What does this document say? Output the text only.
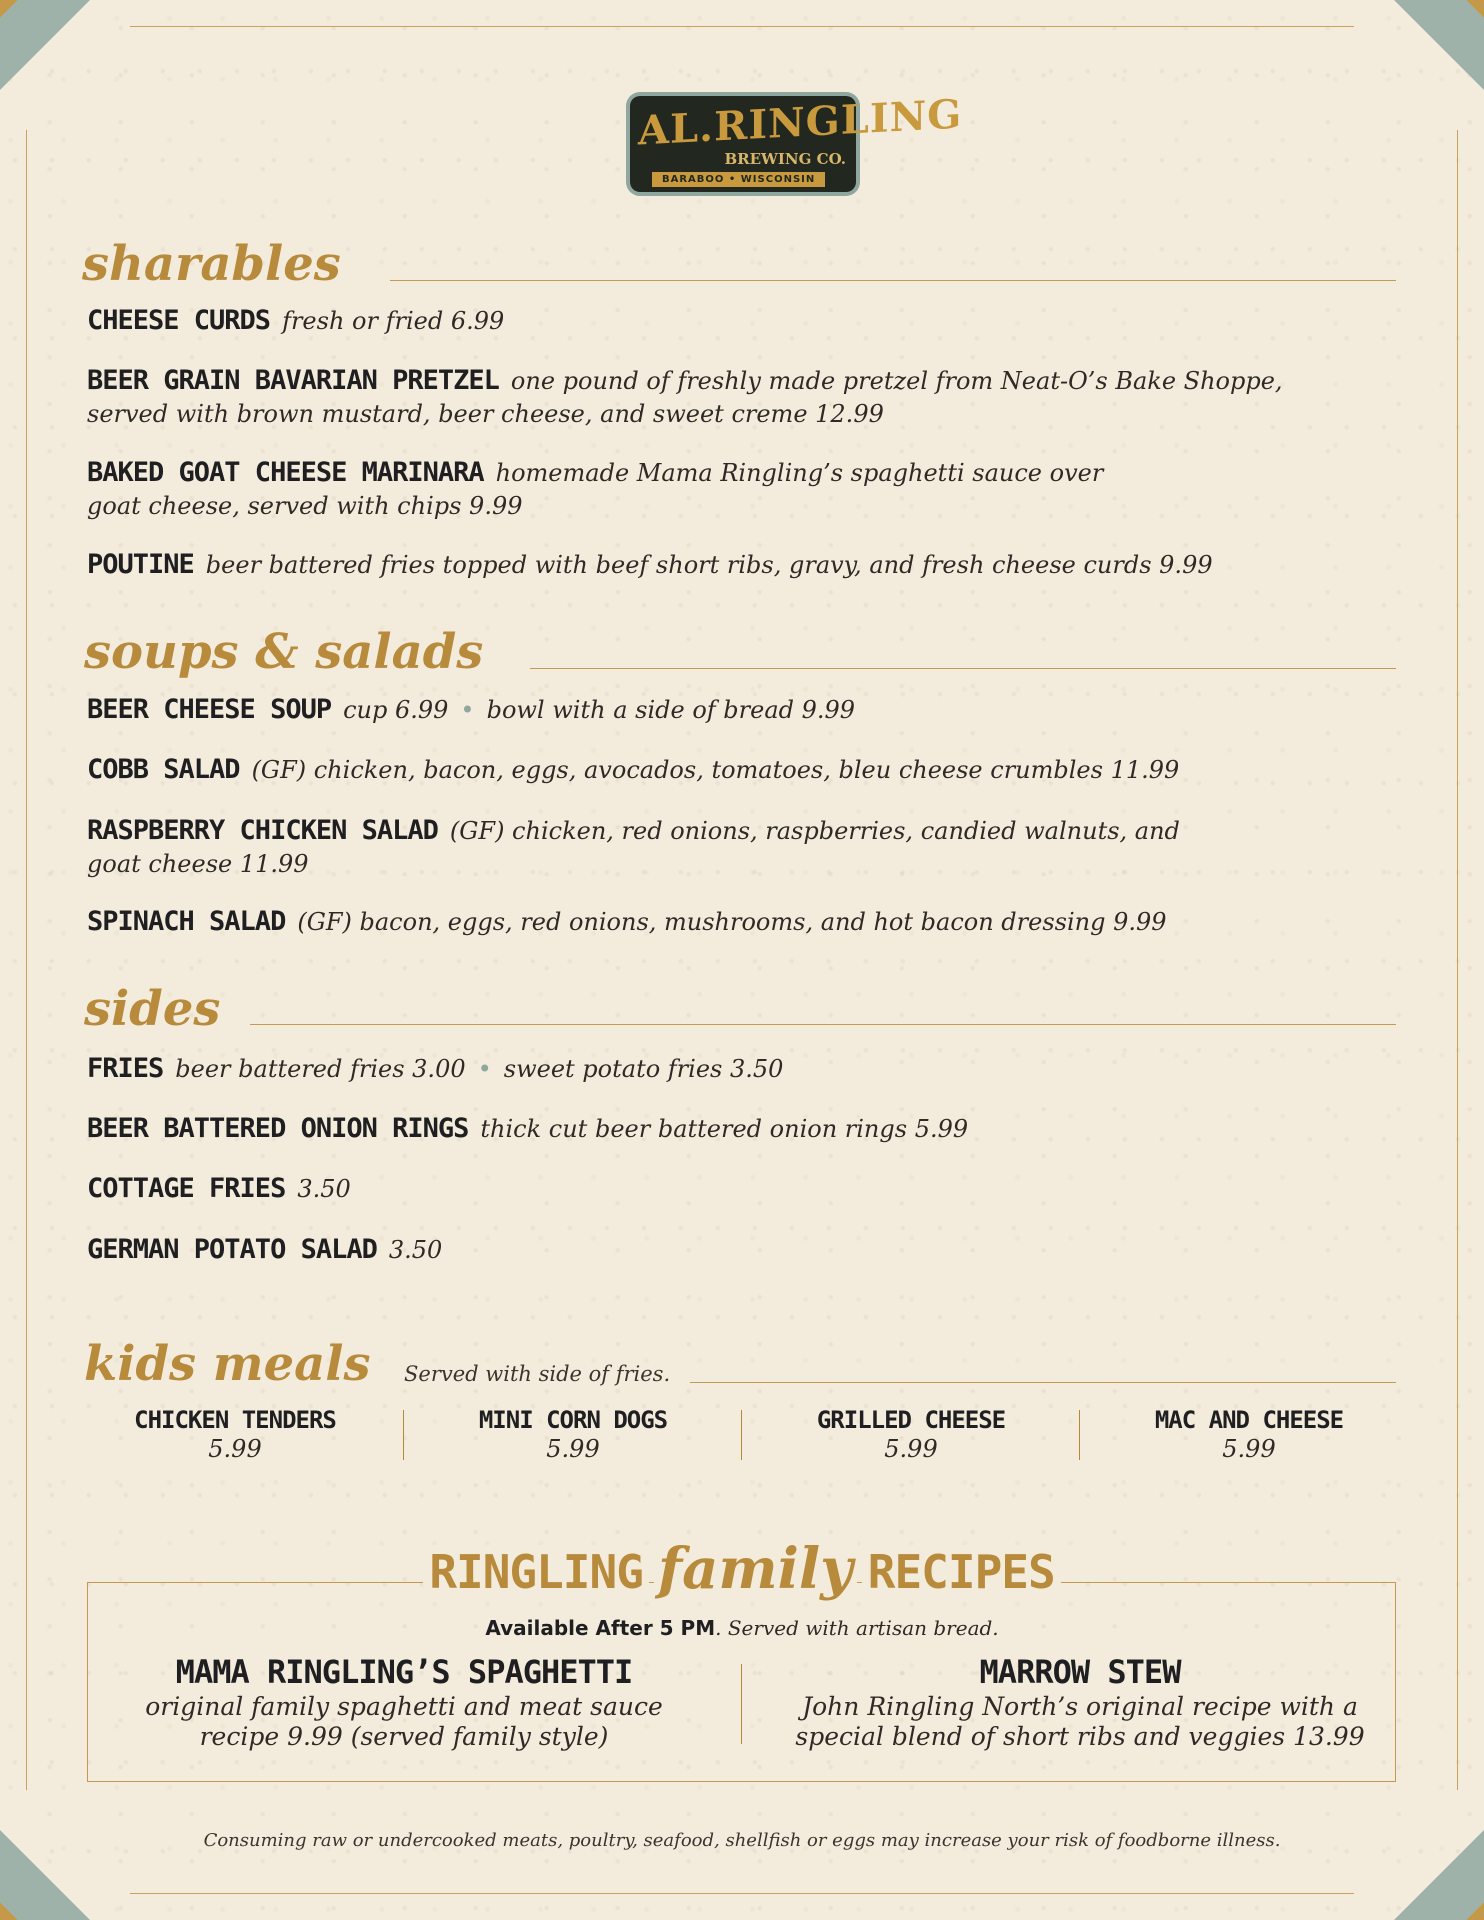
AL.RINGLING
BREWING CO.
BARABOO • WISCONSIN
sharables
CHEESE CURDS fresh or fried 6.99
BEER GRAIN BAVARIAN PRETZEL one pound of freshly made pretzel from Neat-O’s Bake Shoppe,
served with brown mustard, beer cheese, and sweet creme 12.99
BAKED GOAT CHEESE MARINARA homemade Mama Ringling’s spaghetti sauce over
goat cheese, served with chips 9.99
POUTINE beer battered fries topped with beef short ribs, gravy, and fresh cheese curds 9.99
soups & salads
BEER CHEESE SOUP cup 6.99 • bowl with a side of bread 9.99
COBB SALAD (GF) chicken, bacon, eggs, avocados, tomatoes, bleu cheese crumbles 11.99
RASPBERRY CHICKEN SALAD (GF) chicken, red onions, raspberries, candied walnuts, and
goat cheese 11.99
SPINACH SALAD (GF) bacon, eggs, red onions, mushrooms, and hot bacon dressing 9.99
sides
FRIES beer battered fries 3.00 • sweet potato fries 3.50
BEER BATTERED ONION RINGS thick cut beer battered onion rings 5.99
COTTAGE FRIES 3.50
GERMAN POTATO SALAD 3.50
kids meals Served with side of fries.
CHICKEN TENDERS
5.99
MINI CORN DOGS
5.99
GRILLED CHEESE
5.99
MAC AND CHEESE
5.99
RINGLING family RECIPES
Available After 5 PM. Served with artisan bread.
MAMA RINGLING’S SPAGHETTI
original family spaghetti and meat sauce
recipe 9.99 (served family style)
MARROW STEW
John Ringling North’s original recipe with a
special blend of short ribs and veggies 13.99
Consuming raw or undercooked meats, poultry, seafood, shellfish or eggs may increase your risk of foodborne illness.
